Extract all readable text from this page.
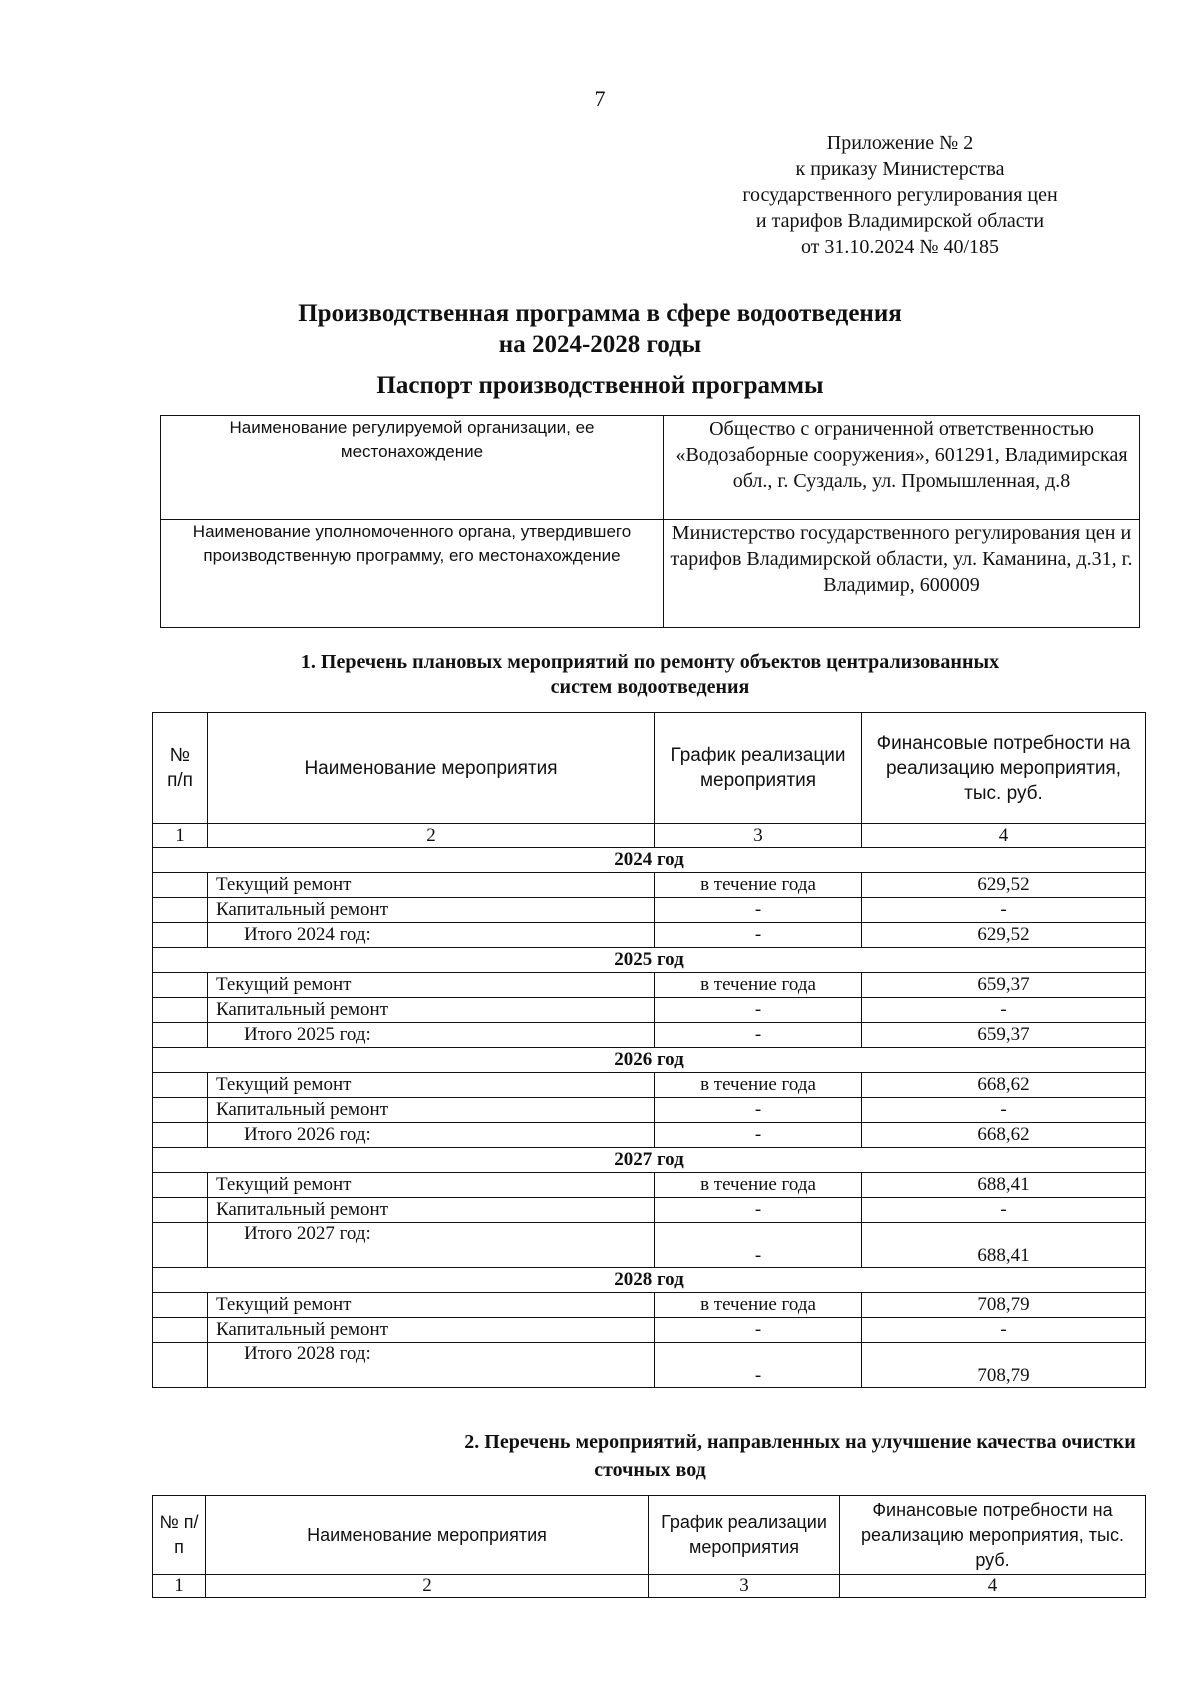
7
Приложение № 2
к приказу Министерства
государственного регулирования цен
и тарифов Владимирской области
от 31.10.2024 № 40/185
Производственная программа в сфере водоотведения
на 2024-2028 годы
Паспорт производственной программы
Наименование регулируемой организации, ее местонахождение	Общество с ограниченной ответственностью «Водозаборные сооружения», 601291, Владимирская обл., г. Суздаль, ул. Промышленная, д.8
Наименование уполномоченного органа, утвердившего производственную программу, его местонахождение	Министерство государственного регулирования цен и тарифов Владимирской области, ул. Каманина, д.31, г. Владимир, 600009
1. Перечень плановых мероприятий по ремонту объектов централизованных
систем водоотведения
№ п/п	Наименование мероприятия	График реализации мероприятия	Финансовые потребности на реализацию мероприятия, тыс. руб.
1	2	3	4
2024 год			
	Текущий ремонт	в течение года	629,52
	Капитальный ремонт	-	-
	Итого 2024 год:	-	629,52
2025 год			
	Текущий ремонт	в течение года	659,37
	Капитальный ремонт	-	-
	Итого 2025 год:	-	659,37
2026 год			
	Текущий ремонт	в течение года	668,62
	Капитальный ремонт	-	-
	Итого 2026 год:	-	668,62
2027 год			
	Текущий ремонт	в течение года	688,41
	Капитальный ремонт	-	-
	Итого 2027 год:	-	688,41
2028 год			
	Текущий ремонт	в течение года	708,79
	Капитальный ремонт	-	-
	Итого 2028 год:	-	708,79
2. Перечень мероприятий, направленных на улучшение качества очистки
сточных вод
№ п/п	Наименование мероприятия	График реализации мероприятия	Финансовые потребности на реализацию мероприятия, тыс. руб.
1	2	3	4
